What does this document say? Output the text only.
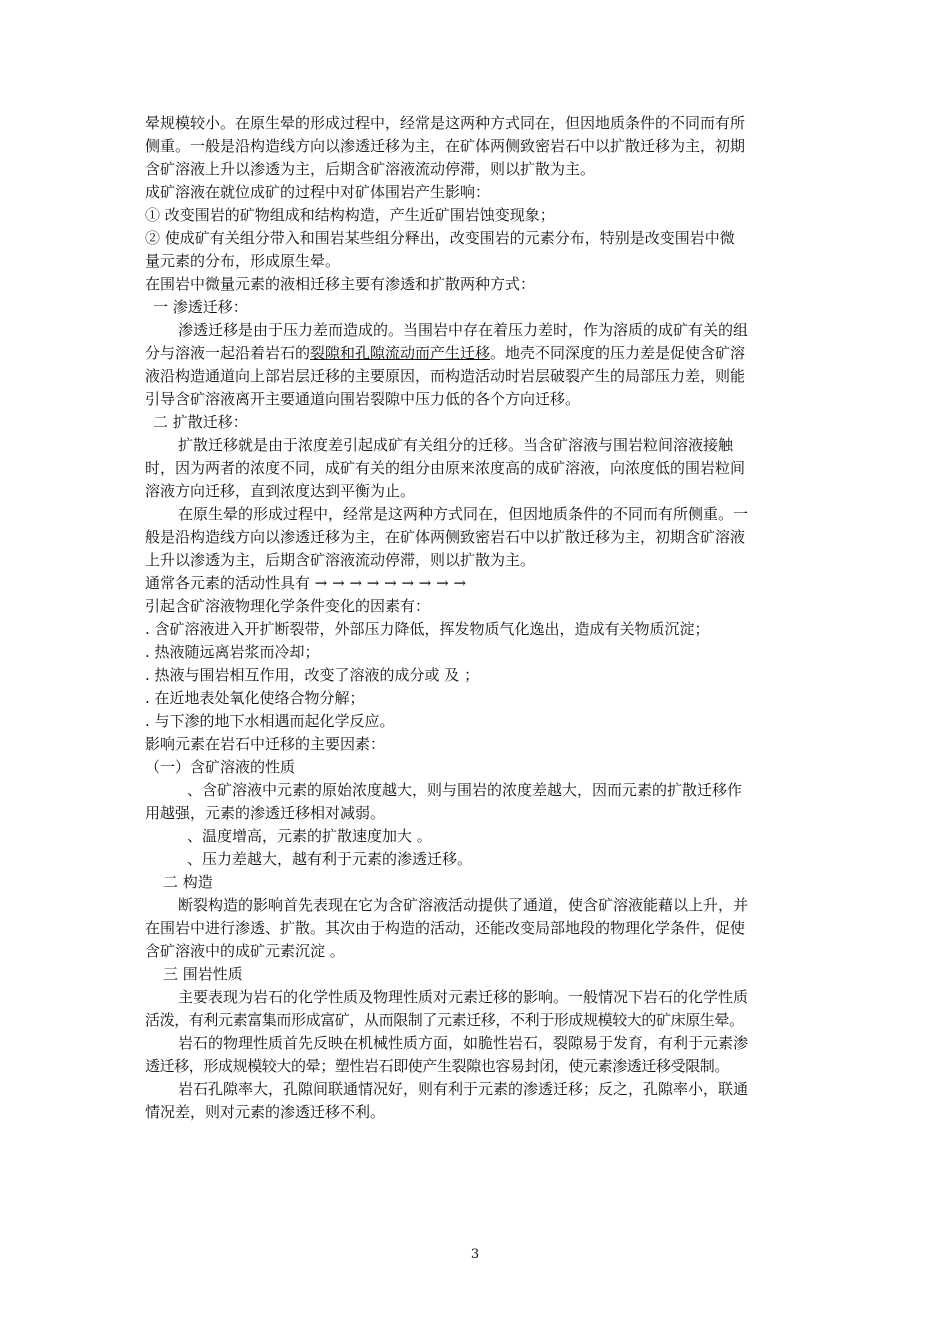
晕规模较小。在原生晕的形成过程中，经常是这两种方式同在，但因地质条件的不同而有所
侧重。一般是沿构造线方向以渗透迁移为主，在矿体两侧致密岩石中以扩散迁移为主，初期
含矿溶液上升以渗透为主，后期含矿溶液流动停滞，则以扩散为主。
成矿溶液在就位成矿的过程中对矿体围岩产生影响：
① 改变围岩的矿物组成和结构构造，产生近矿围岩蚀变现象；
② 使成矿有关组分带入和围岩某些组分释出，改变围岩的元素分布，特别是改变围岩中微
量元素的分布，形成原生晕。
在围岩中微量元素的液相迁移主要有渗透和扩散两种方式：
一 渗透迁移：
渗透迁移是由于压力差而造成的。当围岩中存在着压力差时，作为溶质的成矿有关的组
分与溶液一起沿着岩石的裂隙和孔隙流动而产生迁移。地壳不同深度的压力差是促使含矿溶
液沿构造通道向上部岩层迁移的主要原因，而构造活动时岩层破裂产生的局部压力差，则能
引导含矿溶液离开主要通道向围岩裂隙中压力低的各个方向迁移。
二 扩散迁移：
扩散迁移就是由于浓度差引起成矿有关组分的迁移。当含矿溶液与围岩粒间溶液接触
时，因为两者的浓度不同，成矿有关的组分由原来浓度高的成矿溶液，向浓度低的围岩粒间
溶液方向迁移，直到浓度达到平衡为止。
在原生晕的形成过程中，经常是这两种方式同在，但因地质条件的不同而有所侧重。一
般是沿构造线方向以渗透迁移为主，在矿体两侧致密岩石中以扩散迁移为主，初期含矿溶液
上升以渗透为主，后期含矿溶液流动停滞，则以扩散为主。
通常各元素的活动性具有 → → → → → → → → →
引起含矿溶液物理化学条件变化的因素有：
. 含矿溶液进入开扩断裂带，外部压力降低，挥发物质气化逸出，造成有关物质沉淀；
. 热液随远离岩浆而冷却；
. 热液与围岩相互作用，改变了溶液的成分或 及 ；
. 在近地表处氧化使络合物分解；
. 与下渗的地下水相遇而起化学反应。
影响元素在岩石中迁移的主要因素：
（一）含矿溶液的性质
、含矿溶液中元素的原始浓度越大，则与围岩的浓度差越大，因而元素的扩散迁移作
用越强，元素的渗透迁移相对减弱。
、温度增高，元素的扩散速度加大 。
、压力差越大，越有利于元素的渗透迁移。
二 构造
断裂构造的影响首先表现在它为含矿溶液活动提供了通道，使含矿溶液能藉以上升，并
在围岩中进行渗透、扩散。其次由于构造的活动，还能改变局部地段的物理化学条件，促使
含矿溶液中的成矿元素沉淀 。
三 围岩性质
主要表现为岩石的化学性质及物理性质对元素迁移的影响。一般情况下岩石的化学性质
活泼，有利元素富集而形成富矿，从而限制了元素迁移，不利于形成规模较大的矿床原生晕。
岩石的物理性质首先反映在机械性质方面，如脆性岩石，裂隙易于发育，有利于元素渗
透迁移，形成规模较大的晕；塑性岩石即使产生裂隙也容易封闭，使元素渗透迁移受限制。
岩石孔隙率大，孔隙间联通情况好，则有利于元素的渗透迁移；反之，孔隙率小，联通
情况差，则对元素的渗透迁移不利。
3
